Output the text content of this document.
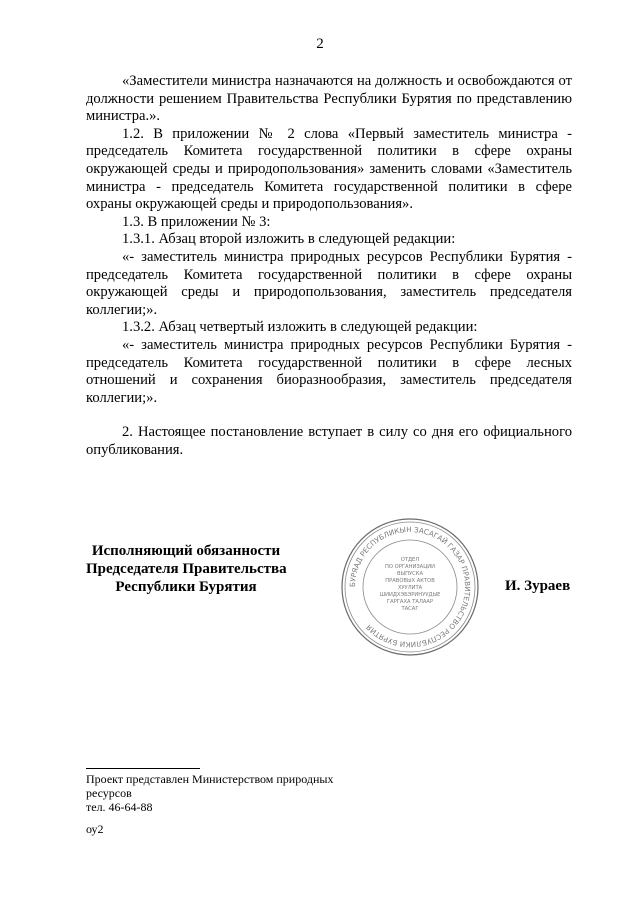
2

«Заместители министра назначаются на должность и освобождаются от должности решением Правительства Республики Бурятия по представлению министра.».

1.2. В приложении № 2 слова «Первый заместитель министра - председатель Комитета государственной политики в сфере охраны окружающей среды и природопользования» заменить словами «Заместитель министра - председатель Комитета государственной политики в сфере охраны окружающей среды и природопользования».

1.3. В приложении № 3:

1.3.1. Абзац второй изложить в следующей редакции:

«- заместитель министра природных ресурсов Республики Бурятия - председатель Комитета государственной политики в сфере охраны окружающей среды и природопользования, заместитель председателя коллегии;».

1.3.2. Абзац четвертый изложить в следующей редакции:

«- заместитель министра природных ресурсов Республики Бурятия - председатель Комитета государственной политики в сфере лесных отношений и сохранения биоразнообразия, заместитель председателя коллегии;».

2. Настоящее постановление вступает в силу со дня его официального опубликования.

Исполняющий обязанности
Председателя Правительства
Республики Бурятия	БУРЯАД РЕСПУБЛИКЫН ЗАСАГАЙ ГАЗАР ПРАВИТЕЛЬСТВО РЕСПУБЛИКИ БУРЯТИЯ
ОТДЕЛ
ПО ОРГАНИЗАЦИИ
ВЫПУСКА
ПРАВОВЫХ АКТОВ
ХУУЛИТА
ШИИДХЭБЭРИНУУДЫЕ
ГАРГАХА ТАЛААР
ТАСАГ
И. Зураев
Проект представлен Министерством природных
ресурсов
тел. 46-64-88
оу2
